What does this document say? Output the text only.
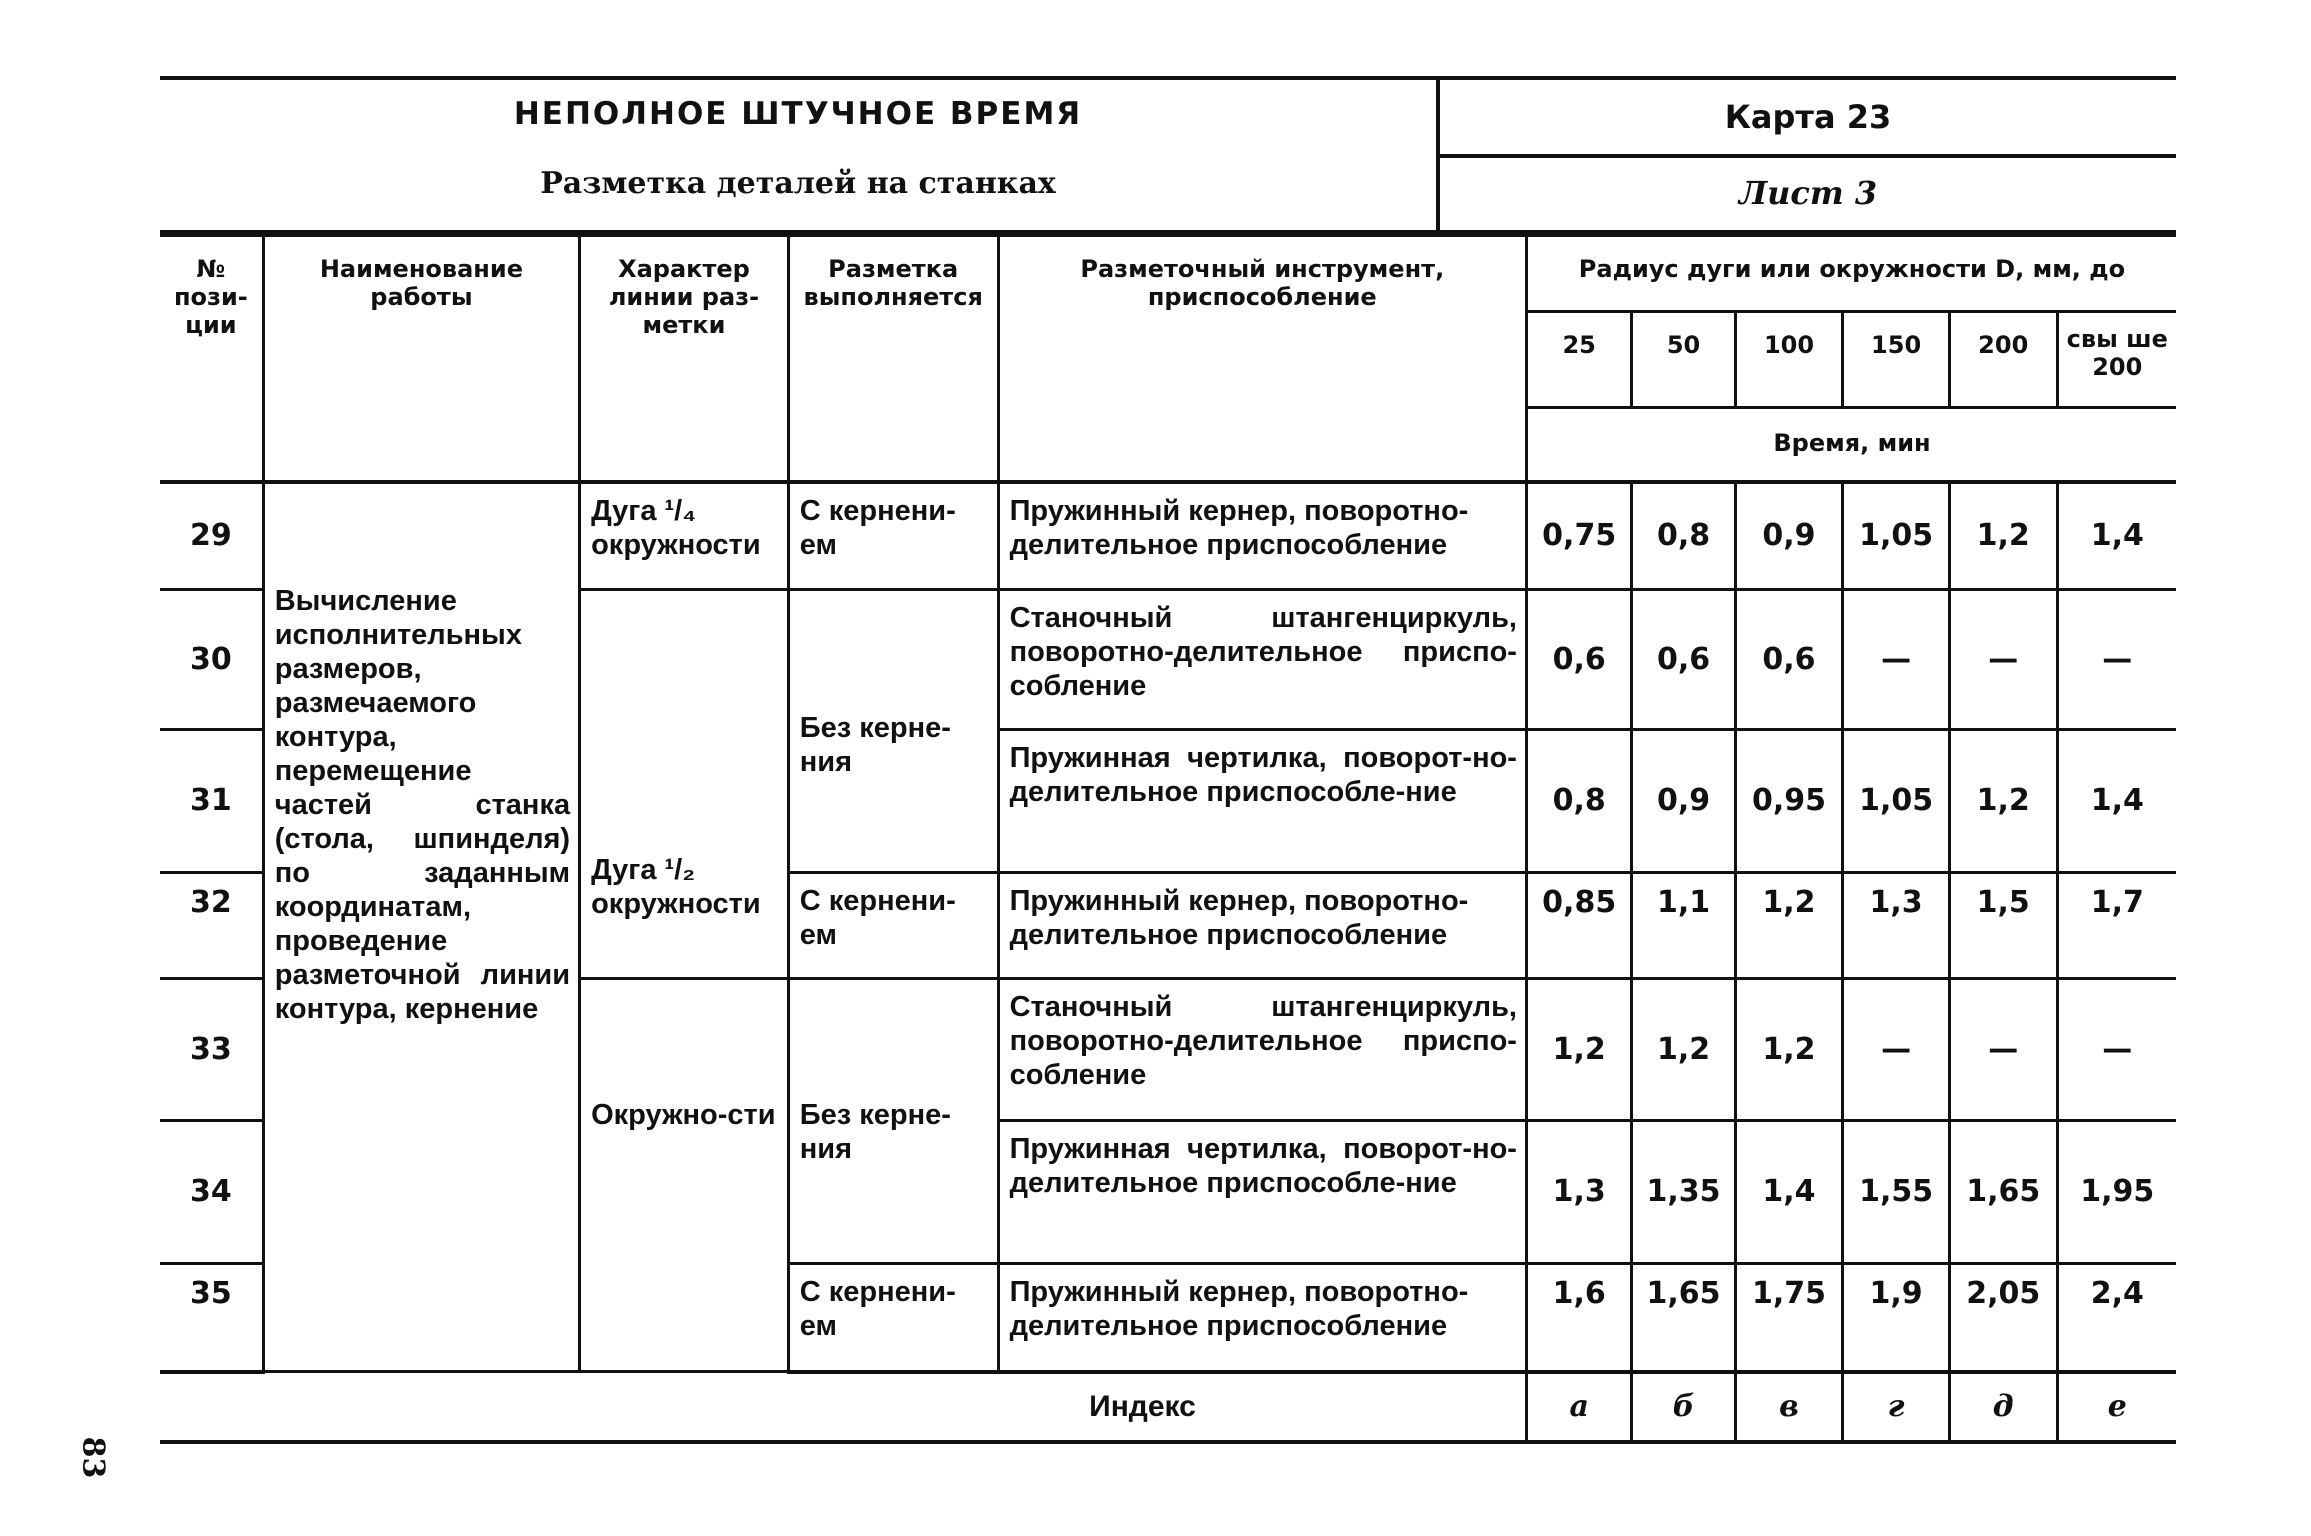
НЕПОЛНОЕ ШТУЧНОЕ ВРЕМЯ
Разметка деталей на станках
Карта 23
Лист 3
№ пози-ции	Наименование работы	Характер линии раз-метки	Разметка выполняется	Разметочный инструмент, приспособление	Радиус дуги или окружности D, мм, до					
					25	50	100	150	200	свы ше 200
					Время, мин					
29	Вычисление исполнительных размеров, размечаемого контура, перемещение частей станка (стола, шпинделя) по заданным координатам, проведение разметочной линии контура, кернение	Дуга ¹/₄ окружности	С кернени-ем	Пружинный кернер, поворотно-делительное приспособление	0,75	0,8	0,9	1,05	1,2	1,4
30		Дуга ¹/₂ окружности	Без керне-ния	Станочный штангенциркуль, поворотно-делительное приспо-собление	0,6	0,6	0,6	—	—	—
31				Пружинная чертилка, поворот-но-делительное приспособле-ние	0,8	0,9	0,95	1,05	1,2	1,4
32			С кернени-ем	Пружинный кернер, поворотно-делительное приспособление	0,85	1,1	1,2	1,3	1,5	1,7
33		Окружно-сти	Без керне-ния	Станочный штангенциркуль, поворотно-делительное приспо-собление	1,2	1,2	1,2	—	—	—
34				Пружинная чертилка, поворот-но-делительное приспособле-ние	1,3	1,35	1,4	1,55	1,65	1,95
35			С кернени-ем	Пружинный кернер, поворотно-делительное приспособление	1,6	1,65	1,75	1,9	2,05	2,4
Индекс					а	б	в	г	д	е
83
